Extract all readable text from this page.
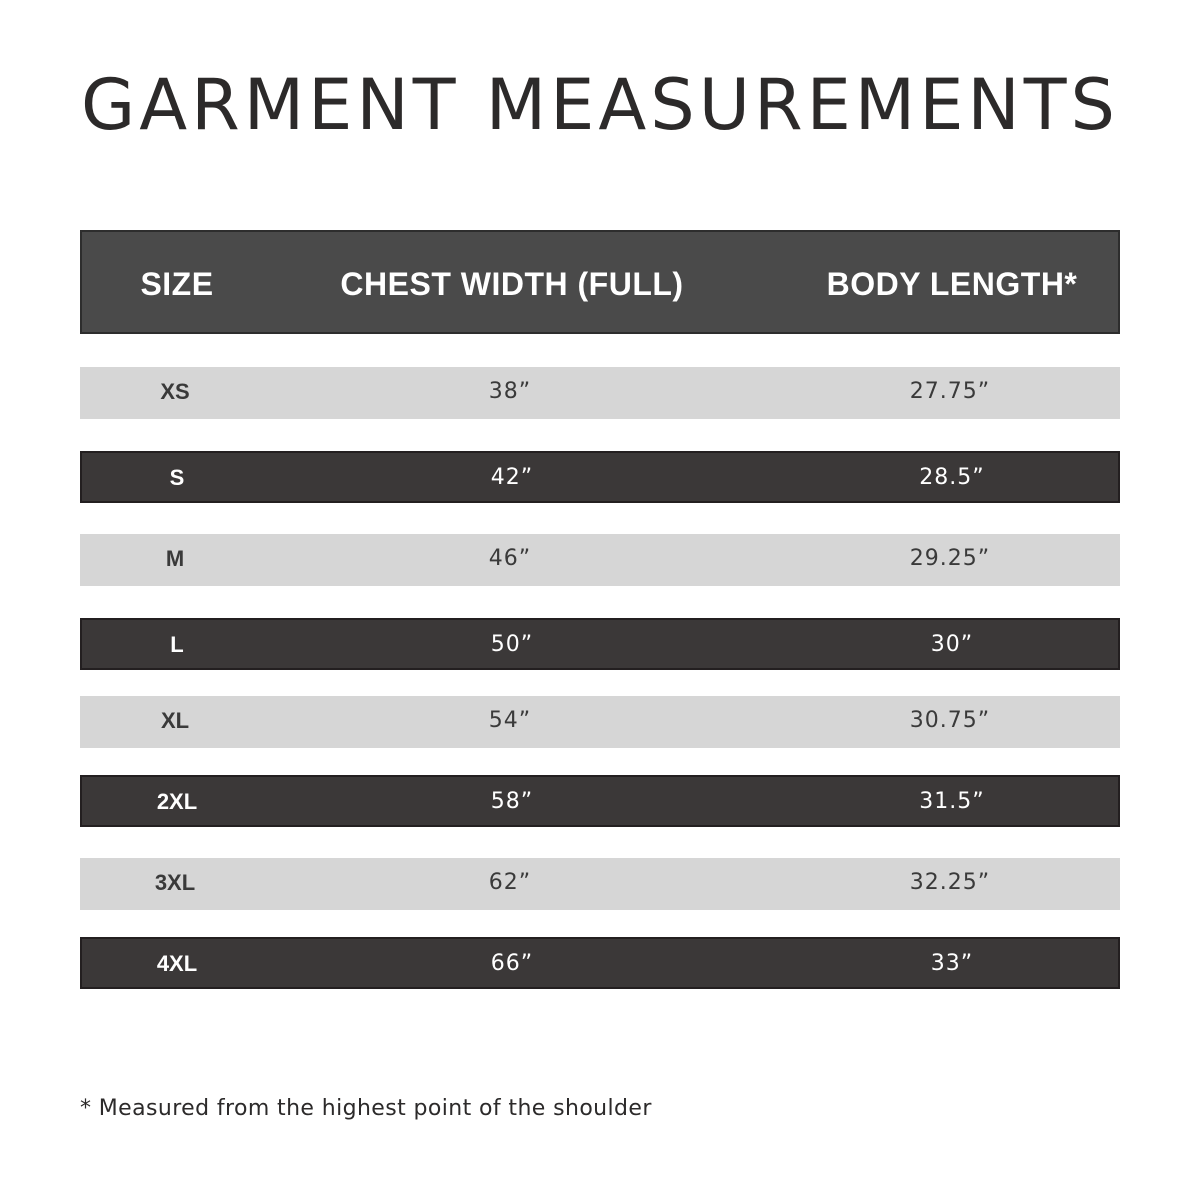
GARMENT MEASUREMENTS
SIZE	CHEST WIDTH (FULL)	BODY LENGTH*
XS	38”	27.75”
S	42”	28.5”
M	46”	29.25”
L	50”	30”
XL	54”	30.75”
2XL	58”	31.5”
3XL	62”	32.25”
4XL	66”	33”
* Measured from the highest point of the shoulder
